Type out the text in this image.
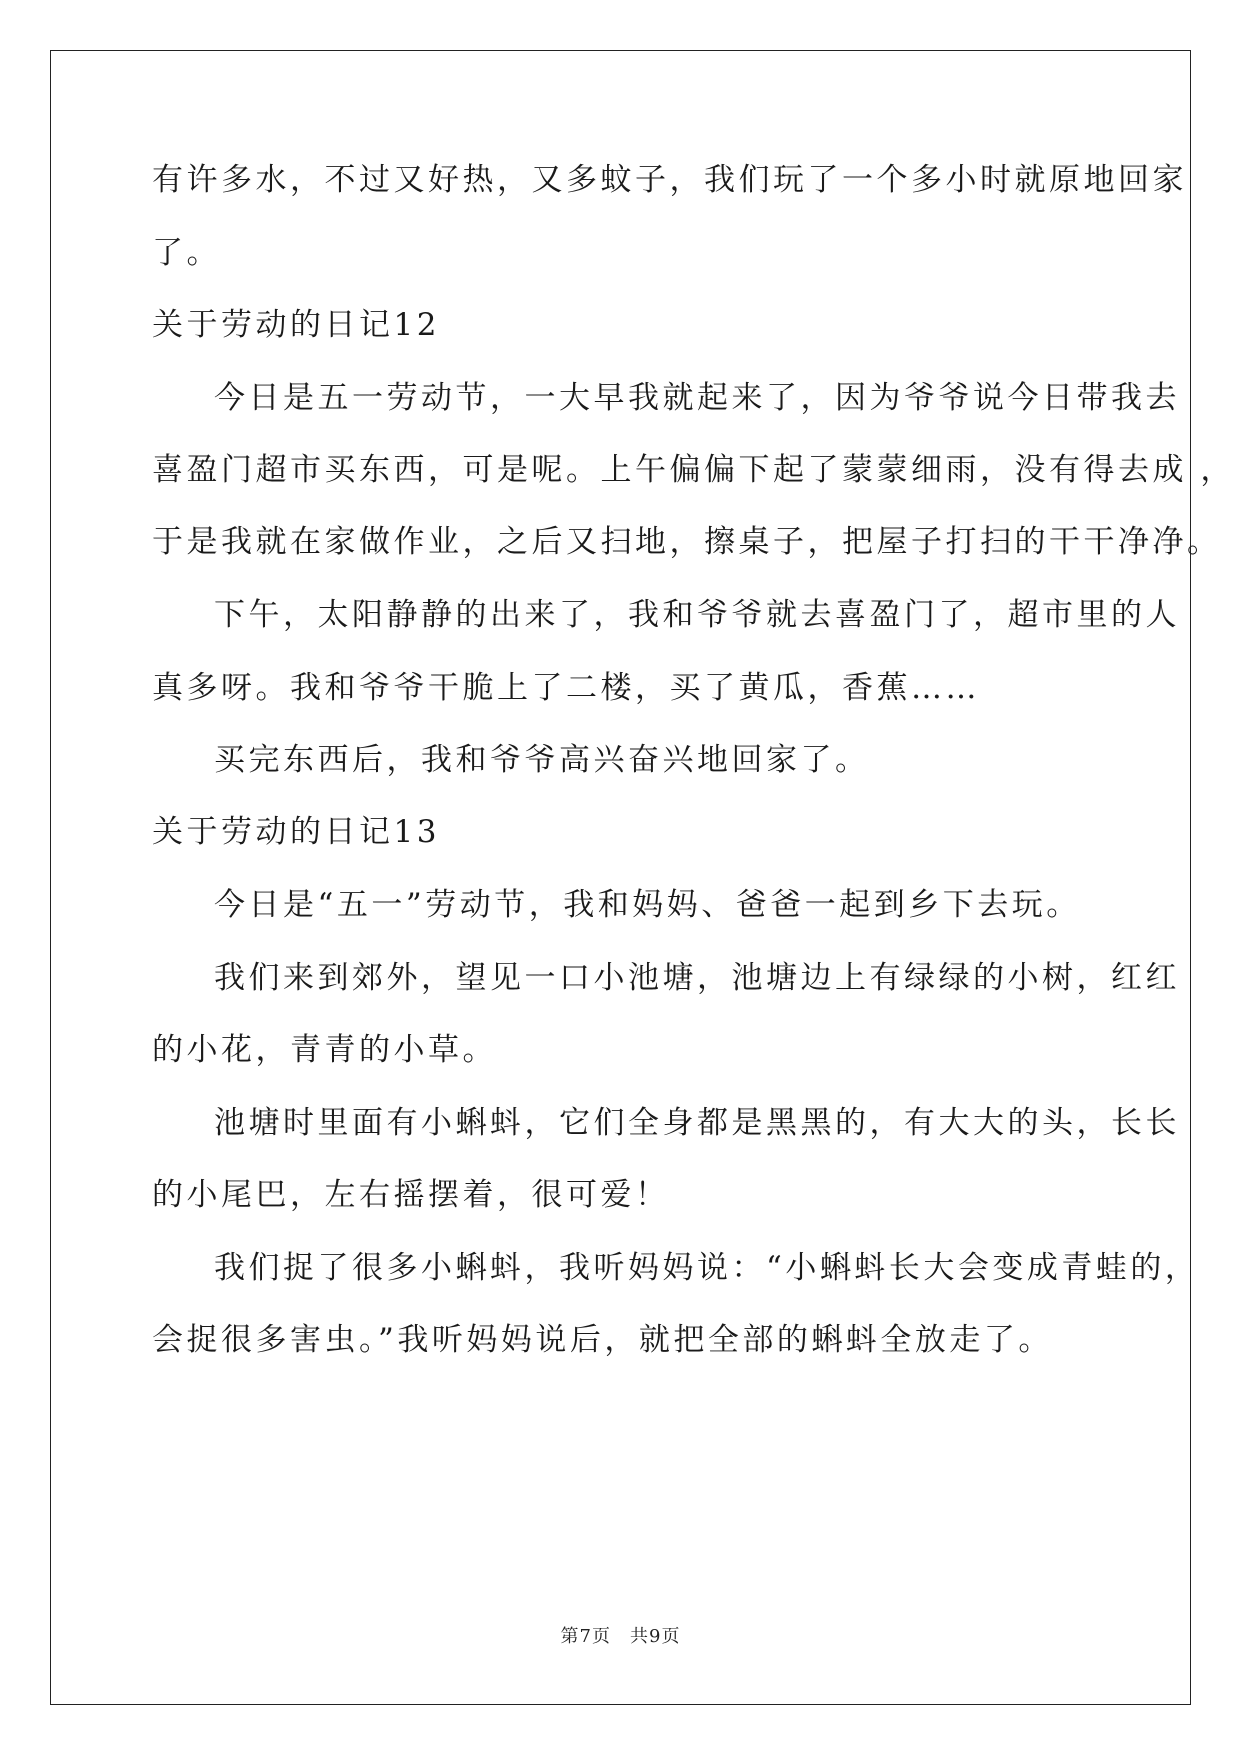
有许多水，不过又好热，又多蚊子，我们玩了一个多小时就原地回家
了。
关于劳动的日记12
今日是五一劳动节，一大早我就起来了，因为爷爷说今日带我去
喜盈门超市买东西，可是呢。上午偏偏下起了蒙蒙细雨，没有得去成 ，
于是我就在家做作业，之后又扫地，擦桌子，把屋子打扫的干干净净。
下午，太阳静静的出来了，我和爷爷就去喜盈门了，超市里的人
真多呀。我和爷爷干脆上了二楼，买了黄瓜，香蕉……
买完东西后，我和爷爷高兴奋兴地回家了。
关于劳动的日记13
今日是“五一”劳动节，我和妈妈、爸爸一起到乡下去玩。
我们来到郊外，望见一口小池塘，池塘边上有绿绿的小树，红红
的小花，青青的小草。
池塘时里面有小蝌蚪，它们全身都是黑黑的，有大大的头，长长
的小尾巴，左右摇摆着，很可爱！
我们捉了很多小蝌蚪，我听妈妈说：“小蝌蚪长大会变成青蛙的，
会捉很多害虫。”我听妈妈说后，就把全部的蝌蚪全放走了。
第7页　共9页
